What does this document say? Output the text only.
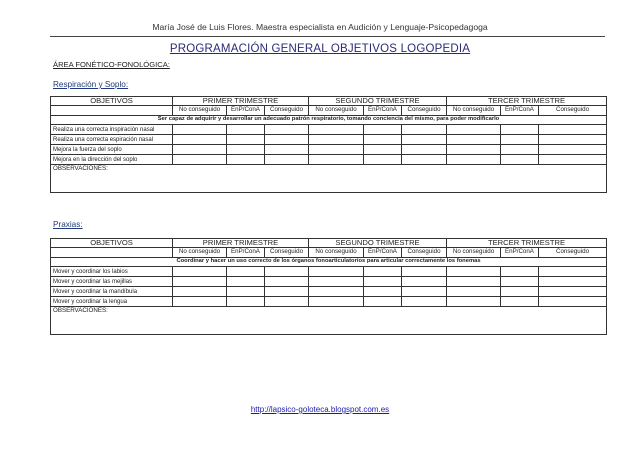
María José de Luis Flores. Maestra especialista en Audición y Lenguaje-Psicopedagoga
PROGRAMACIÓN GENERAL OBJETIVOS LOGOPEDIA
ÁREA FONÉTICO-FONOLÓGICA:
Respiración y Soplo:
OBJETIVOS	PRIMER TRIMESTRE			SEGUNDO TRIMESTRE			TERCER TRIMESTRE		
	No conseguido	EnP/ConA	Conseguido	No conseguido	EnP/ConA	Conseguido	No conseguido	EnP/ConA	Conseguido
Ser capaz de adquirir y desarrollar un adecuado patrón respiratorio, tomando conciencia del mismo, para poder modificarlo									
Realiza una correcta inspiración nasal									
Realiza una correcta espiración nasal									
Mejora la fuerza del soplo									
Mejora en la dirección del soplo									
OBSERVACIONES:									
Praxias:
OBJETIVOS	PRIMER TRIMESTRE			SEGUNDO TRIMESTRE			TERCER TRIMESTRE		
	No conseguido	EnP/ConA	Conseguido	No conseguido	EnP/ConA	Conseguido	No conseguido	EnP/ConA	Conseguido
Coordinar y hacer un uso correcto de los órganos fonoarticulatorios para articular correctamente los fonemas									
Mover y coordinar los labios									
Mover y coordinar las mejillas									
Mover y coordinar la mandíbula									
Mover y coordinar la lengua									
OBSERVACIONES:									
http://lapsico-goloteca.blogspot.com.es
